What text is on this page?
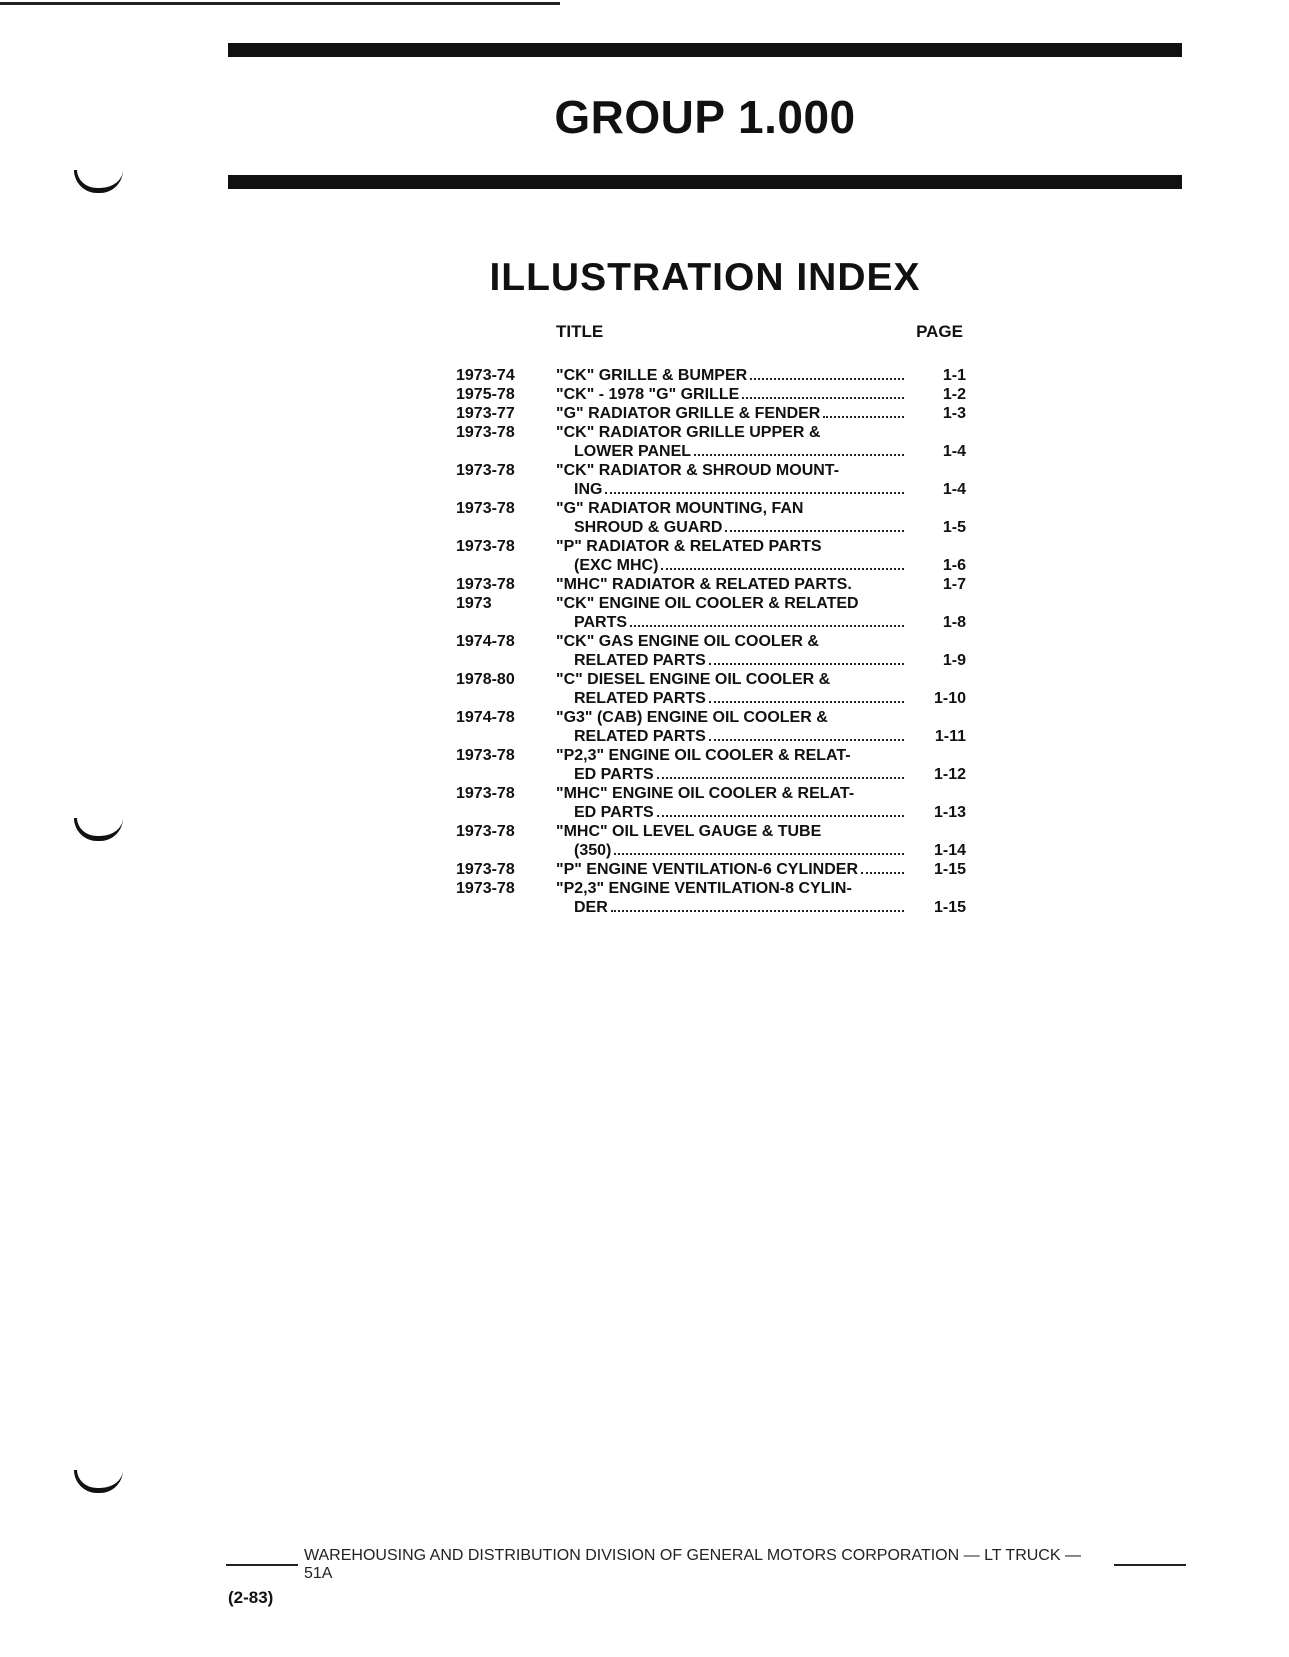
GROUP 1.000
ILLUSTRATION INDEX
TITLE	PAGE
1973-74	"CK" GRILLE & BUMPER	1-1
1975-78	"CK" - 1978 "G" GRILLE	1-2
1973-77	"G" RADIATOR GRILLE & FENDER	1-3
1973-78	"CK" RADIATOR GRILLE UPPER &
LOWER PANEL	1-4
1973-78	"CK" RADIATOR & SHROUD MOUNT-
ING	1-4
1973-78	"G" RADIATOR MOUNTING, FAN
SHROUD & GUARD	1-5
1973-78	"P" RADIATOR & RELATED PARTS
(EXC MHC)	1-6
1973-78	"MHC" RADIATOR & RELATED PARTS.	1-7
1973	"CK" ENGINE OIL COOLER & RELATED
PARTS	1-8
1974-78	"CK" GAS ENGINE OIL COOLER &
RELATED PARTS	1-9
1978-80	"C" DIESEL ENGINE OIL COOLER &
RELATED PARTS	1-10
1974-78	"G3" (CAB) ENGINE OIL COOLER &
RELATED PARTS	1-11
1973-78	"P2,3" ENGINE OIL COOLER & RELAT-
ED PARTS	1-12
1973-78	"MHC" ENGINE OIL COOLER & RELAT-
ED PARTS	1-13
1973-78	"MHC" OIL LEVEL GAUGE & TUBE
(350)	1-14
1973-78	"P" ENGINE VENTILATION-6 CYLINDER	1-15
1973-78	"P2,3" ENGINE VENTILATION-8 CYLIN-
DER	1-15
WAREHOUSING AND DISTRIBUTION DIVISION OF GENERAL MOTORS CORPORATION — LT TRUCK — 51A
(2-83)
